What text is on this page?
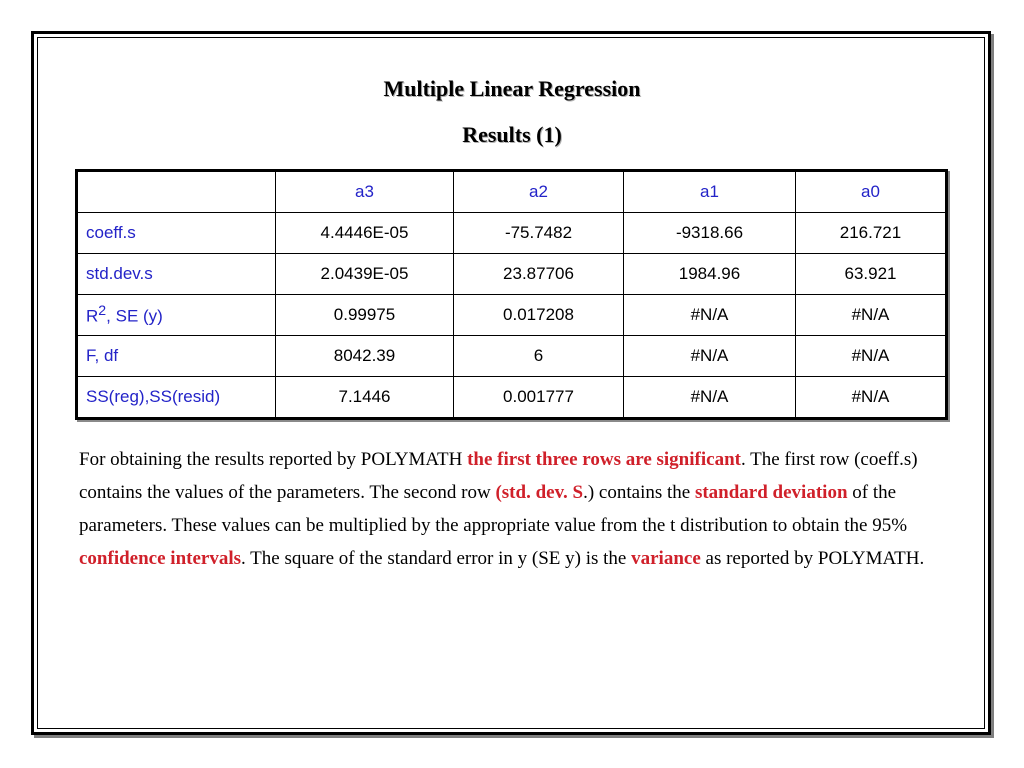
Multiple Linear Regression
Results (1)
	a3	a2	a1	a0
coeff.s	4.4446E-05	-75.7482	-9318.66	216.721
std.dev.s	2.0439E-05	23.87706	1984.96	63.921
$R^2$, SE (y)	0.99975	0.017208	#N/A	#N/A
F, df	8042.39	6	#N/A	#N/A
SS(reg),SS(resid)	7.1446	0.001777	#N/A	#N/A
For obtaining the results reported by POLYMATH the first three rows are significant. The first row (coeff.s) contains the values of the parameters. The second row (std. dev. S.) contains the standard deviation of the parameters. These values can be multiplied by the appropriate value from the t distribution to obtain the 95% confidence intervals. The square of the standard error in y (SE y) is the variance as reported by POLYMATH.
